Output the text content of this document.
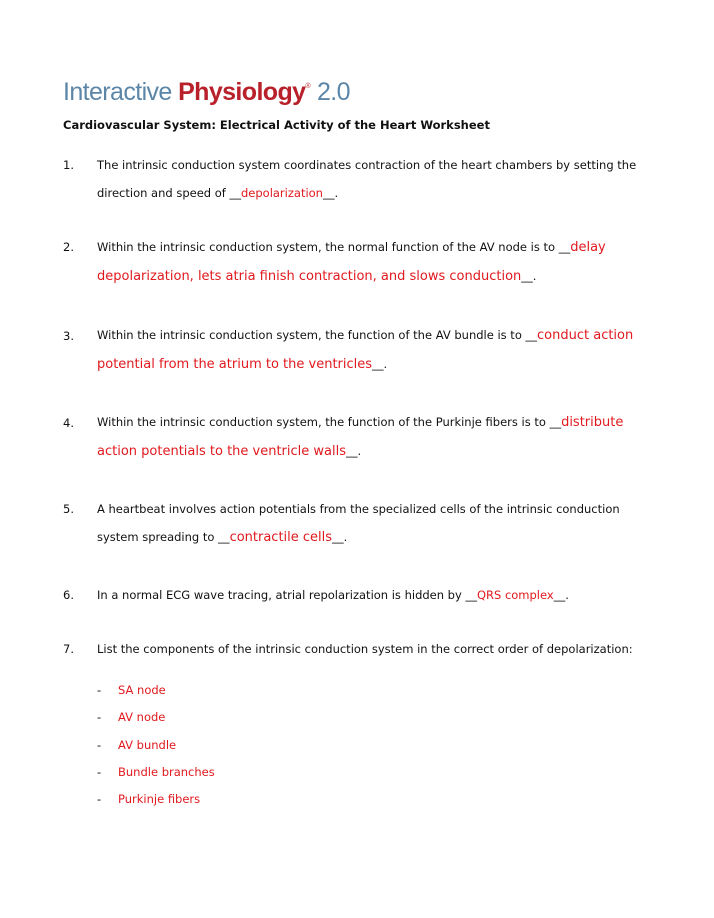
Interactive Physiology® 2.0
Cardiovascular System: Electrical Activity of the Heart Worksheet
1. The intrinsic conduction system coordinates contraction of the heart chambers by setting the
direction and speed of __depolarization__.
2. Within the intrinsic conduction system, the normal function of the AV node is to __delay
depolarization, lets atria finish contraction, and slows conduction__.
3. Within the intrinsic conduction system, the function of the AV bundle is to __conduct action
potential from the atrium to the ventricles__.
4. Within the intrinsic conduction system, the function of the Purkinje fibers is to __distribute
action potentials to the ventricle walls__.
5. A heartbeat involves action potentials from the specialized cells of the intrinsic conduction
system spreading to __contractile cells__.
6. In a normal ECG wave tracing, atrial repolarization is hidden by __QRS complex__.
7. List the components of the intrinsic conduction system in the correct order of depolarization:
- SA node
- AV node
- AV bundle
- Bundle branches
- Purkinje fibers
